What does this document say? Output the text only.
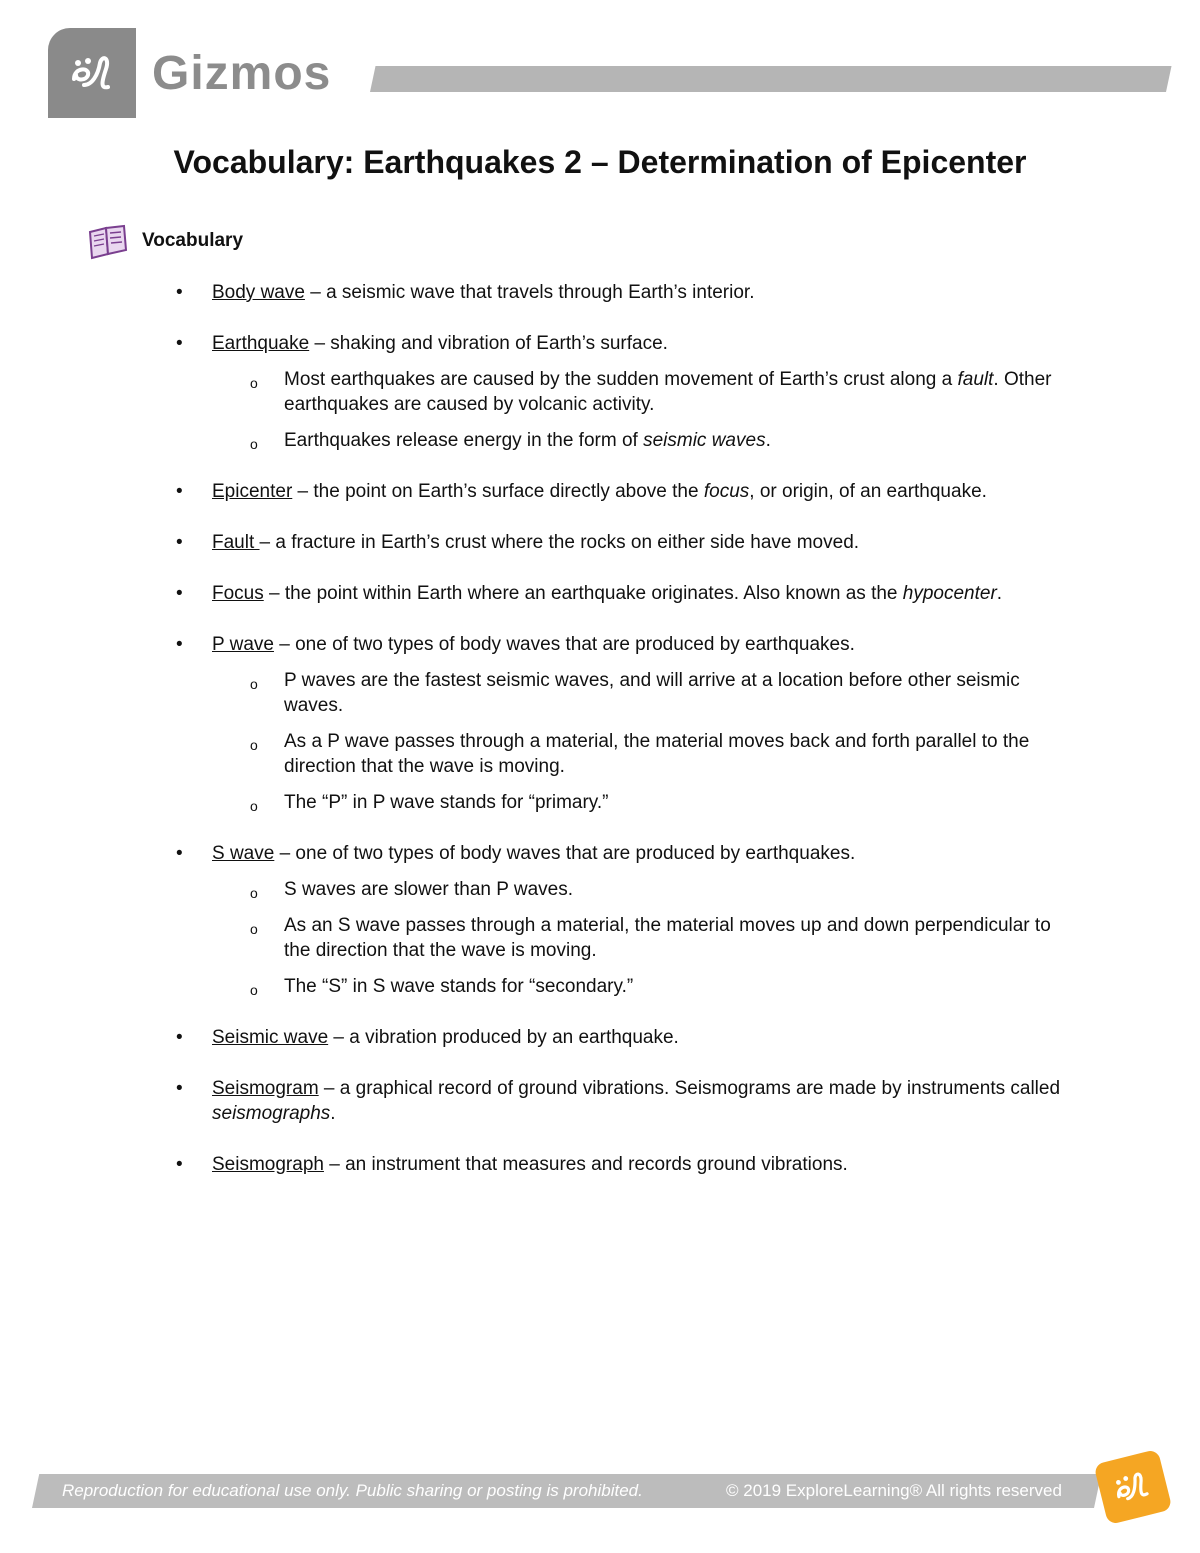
Gizmos
Vocabulary: Earthquakes 2 – Determination of Epicenter
Vocabulary
• Body wave – a seismic wave that travels through Earth’s interior.
• Earthquake – shaking and vibration of Earth’s surface.
o Most earthquakes are caused by the sudden movement of Earth’s crust along a fault. Other earthquakes are caused by volcanic activity.
o Earthquakes release energy in the form of seismic waves.
• Epicenter – the point on Earth’s surface directly above the focus, or origin, of an earthquake.
• Fault – a fracture in Earth’s crust where the rocks on either side have moved.
• Focus – the point within Earth where an earthquake originates. Also known as the hypocenter.
• P wave – one of two types of body waves that are produced by earthquakes.
o P waves are the fastest seismic waves, and will arrive at a location before other seismic waves.
o As a P wave passes through a material, the material moves back and forth parallel to the direction that the wave is moving.
o The “P” in P wave stands for “primary.”
• S wave – one of two types of body waves that are produced by earthquakes.
o S waves are slower than P waves.
o As an S wave passes through a material, the material moves up and down perpendicular to the direction that the wave is moving.
o The “S” in S wave stands for “secondary.”
• Seismic wave – a vibration produced by an earthquake.
• Seismogram – a graphical record of ground vibrations. Seismograms are made by instruments called seismographs.
• Seismograph – an instrument that measures and records ground vibrations.
Reproduction for educational use only. Public sharing or posting is prohibited.	© 2019 ExploreLearning® All rights reserved
